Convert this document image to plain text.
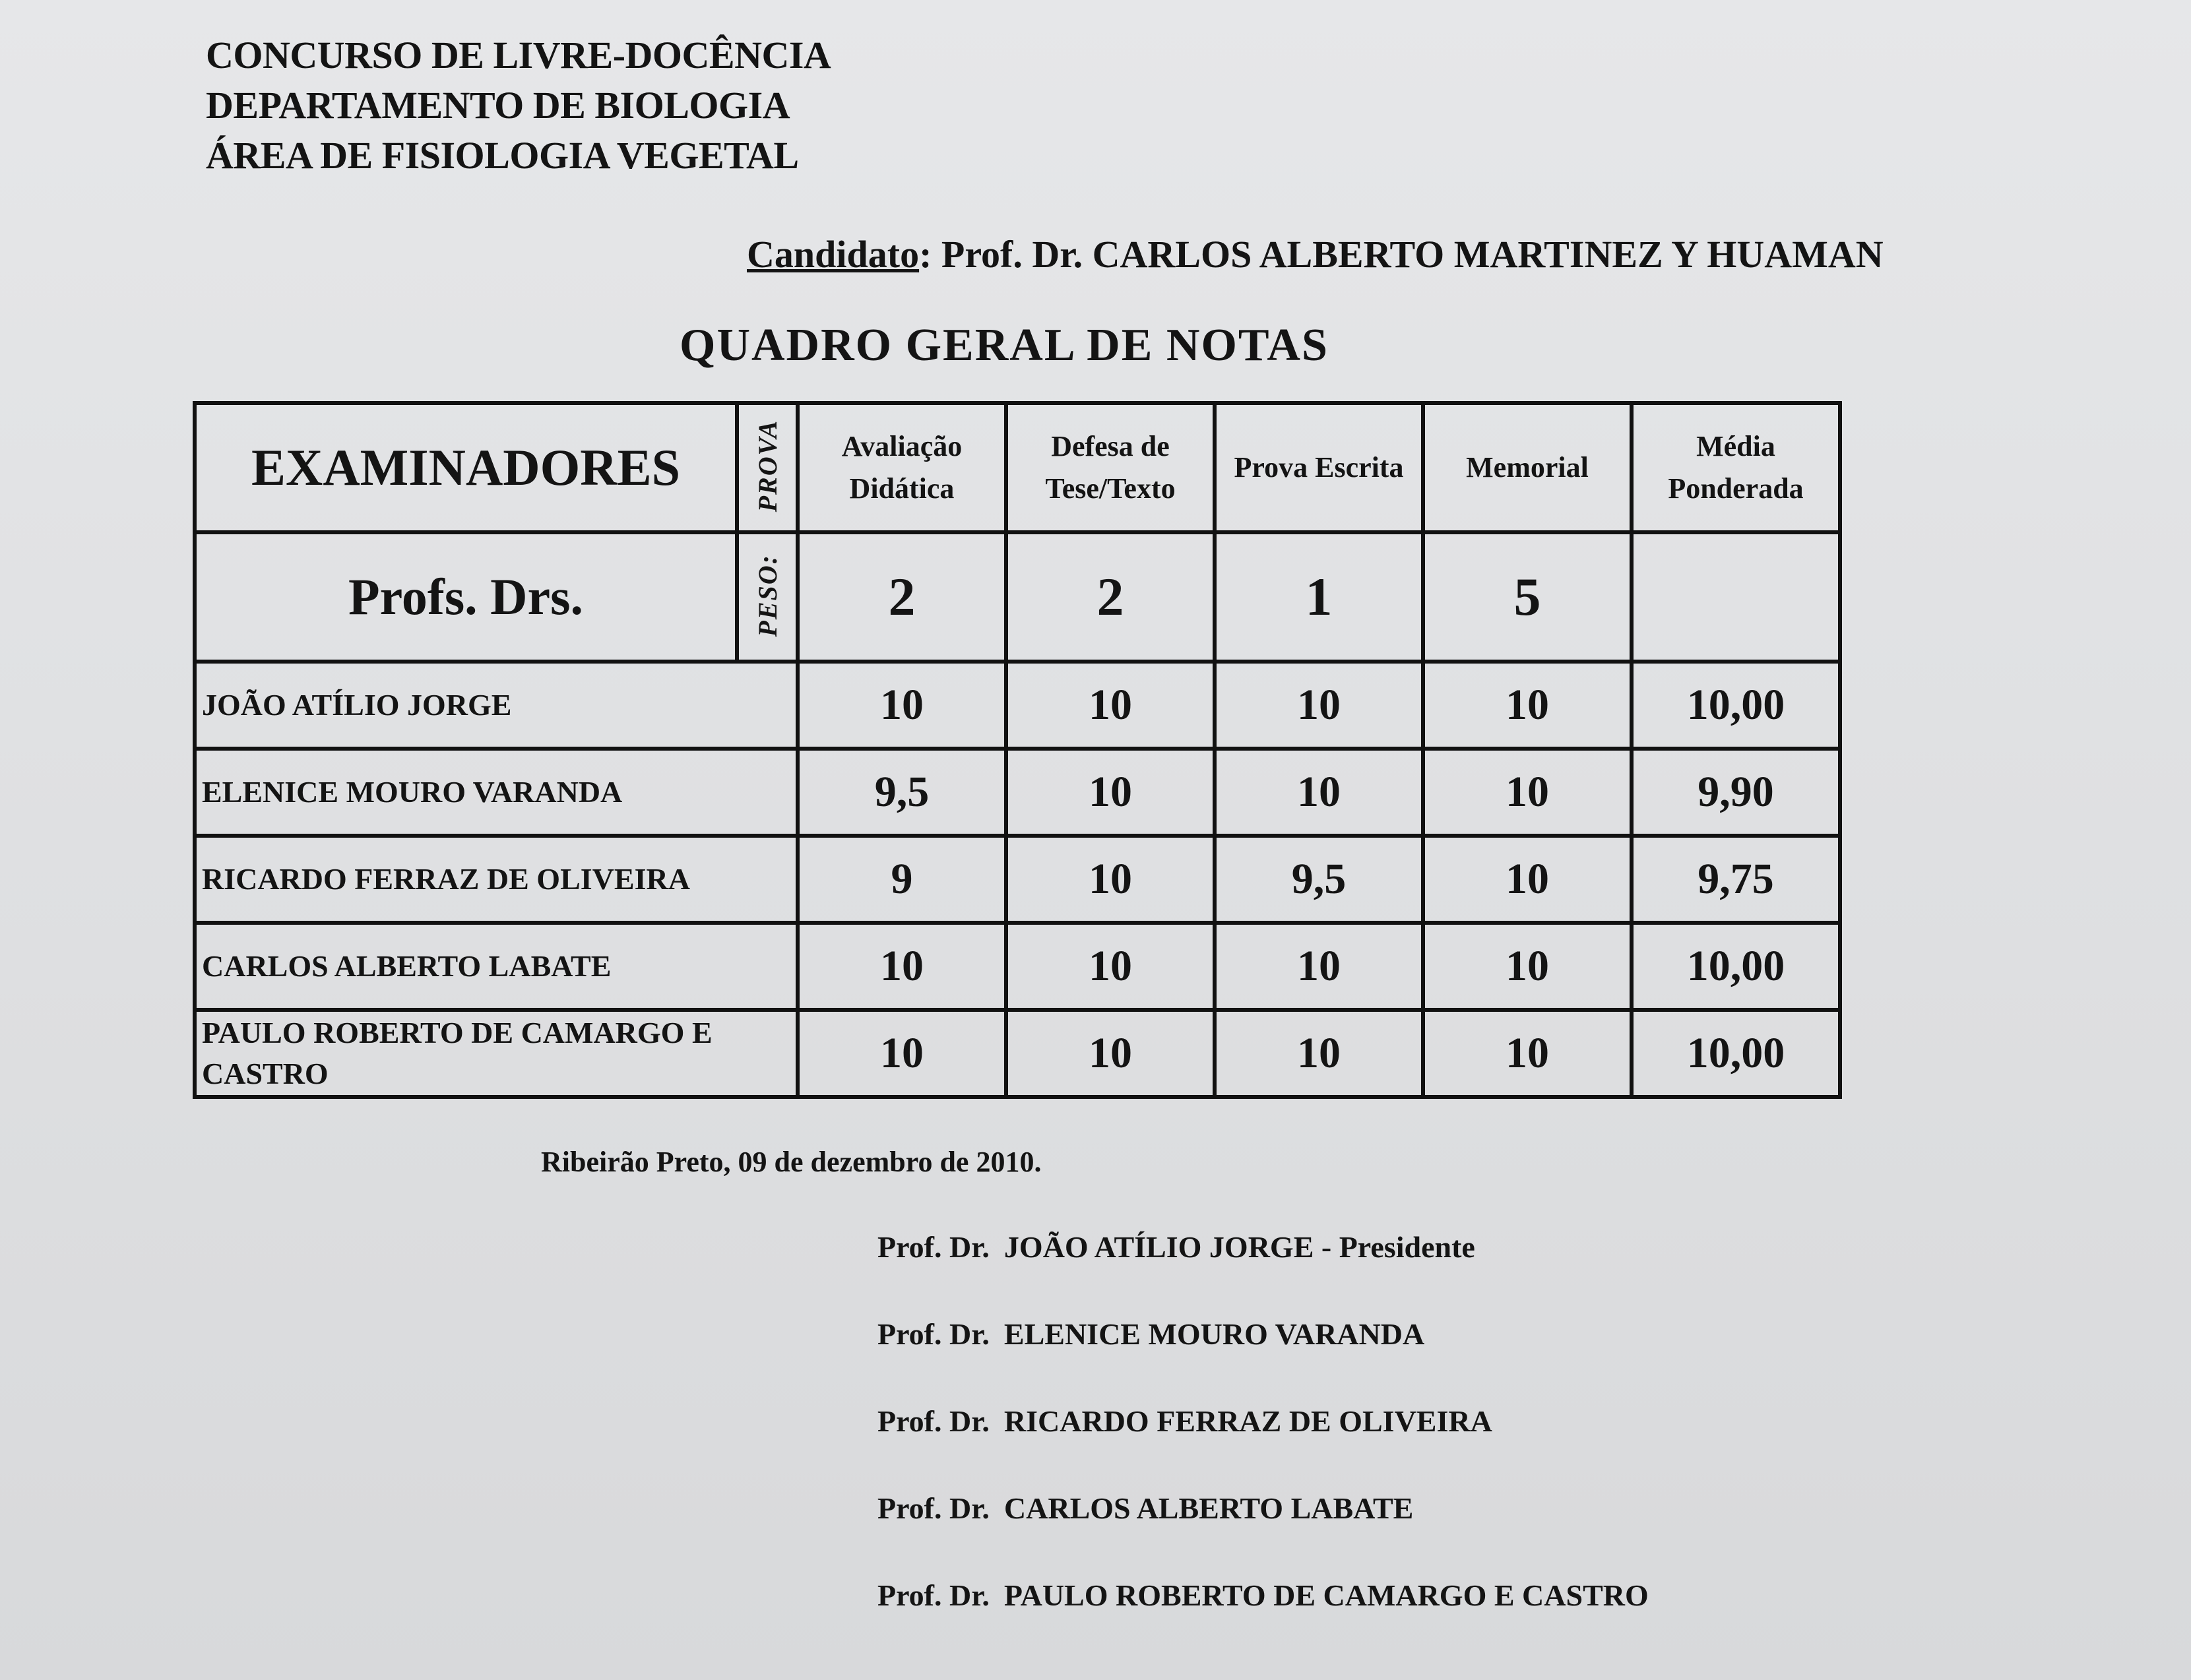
CONCURSO DE LIVRE-DOCÊNCIA
DEPARTAMENTO DE BIOLOGIA
ÁREA DE FISIOLOGIA VEGETAL
Candidato: Prof. Dr. CARLOS ALBERTO MARTINEZ Y HUAMAN
QUADRO GERAL DE NOTAS
EXAMINADORES	PROVA	Avaliação Didática	Defesa de Tese/Texto	Prova Escrita	Memorial	Média Ponderada
Profs. Drs.	PESO:	2	2	1	5	
JOÃO ATÍLIO JORGE		10	10	10	10	10,00
ELENICE MOURO VARANDA		9,5	10	10	10	9,90
RICARDO FERRAZ DE OLIVEIRA		9	10	9,5	10	9,75
CARLOS ALBERTO LABATE		10	10	10	10	10,00
PAULO ROBERTO DE CAMARGO E CASTRO		10	10	10	10	10,00
Ribeirão Preto, 09 de dezembro de 2010.
Prof. Dr. JOÃO ATÍLIO JORGE - Presidente
Prof. Dr. ELENICE MOURO VARANDA
Prof. Dr. RICARDO FERRAZ DE OLIVEIRA
Prof. Dr. CARLOS ALBERTO LABATE
Prof. Dr. PAULO ROBERTO DE CAMARGO E CASTRO
